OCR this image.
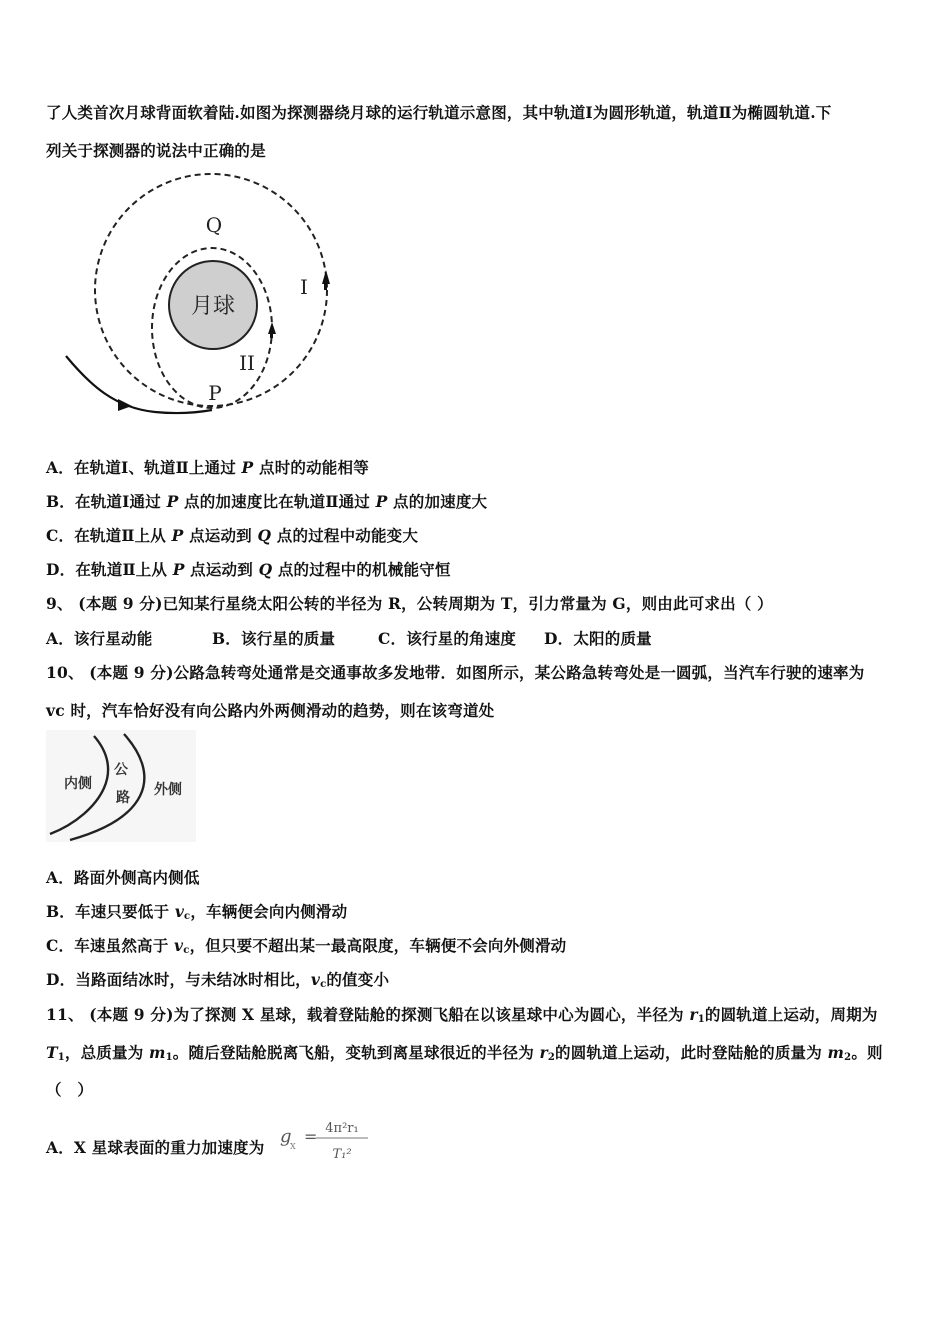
了人类首次月球背面软着陆.如图为探测器绕月球的运行轨道示意图，其中轨道Ⅰ为圆形轨道，轨道Ⅱ为椭圆轨道.下
列关于探测器的说法中正确的是
月球
Q
P
I
II
A．在轨道Ⅰ、轨道Ⅱ上通过 P 点时的动能相等
B．在轨道Ⅰ通过 P 点的加速度比在轨道Ⅱ通过 P 点的加速度大
C．在轨道Ⅱ上从 P 点运动到 Q 点的过程中动能变大
D．在轨道Ⅱ上从 P 点运动到 Q 点的过程中的机械能守恒
9、 (本题 9 分)已知某行星绕太阳公转的半径为 R，公转周期为 T，引力常量为 G，则由此可求出（ ）
A．该行星动能	B．该行星的质量	C．该行星的角速度 D．太阳的质量
10、 (本题 9 分)公路急转弯处通常是交通事故多发地带．如图所示，某公路急转弯处是一圆弧，当汽车行驶的速率为
vc 时，汽车恰好没有向公路内外两侧滑动的趋势，则在该弯道处
内侧
公
路 外侧
A．路面外侧高内侧低
B．车速只要低于 $v_c$，车辆便会向内侧滑动
C．车速虽然高于 $v_c$，但只要不超出某一最高限度，车辆便不会向外侧滑动
D．当路面结冰时，与未结冰时相比，$v_c$的值变小
11、 (本题 9 分)为了探测 X 星球，载着登陆舱的探测飞船在以该星球中心为圆心，半径为 $r_1$的圆轨道上运动，周期为
$T_1$，总质量为 $m_1$。随后登陆舱脱离飞船，变轨到离星球很近的半径为 $r_2$的圆轨道上运动，此时登陆舱的质量为 $m_2$。则
（　）
A．X 星球表面的重力加速度为
g
X
= 4π²r₁
T₁²
